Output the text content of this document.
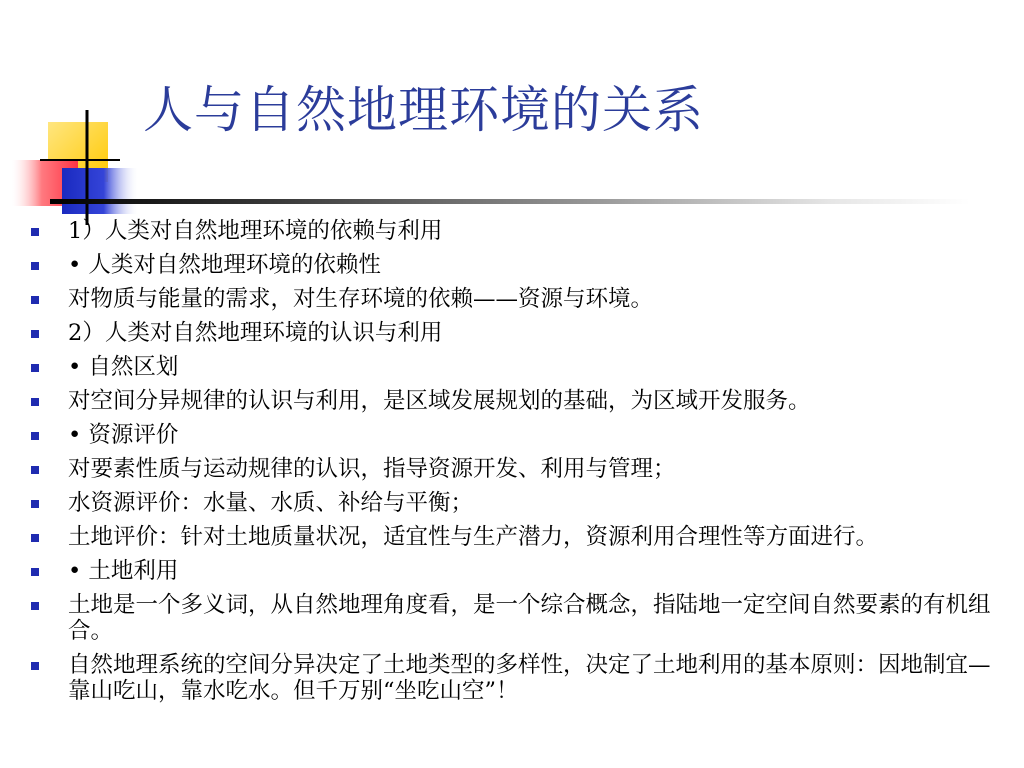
人与自然地理环境的关系
1）人类对自然地理环境的依赖与利用
• 人类对自然地理环境的依赖性
对物质与能量的需求，对生存环境的依赖——资源与环境。
2）人类对自然地理环境的认识与利用
• 自然区划
对空间分异规律的认识与利用，是区域发展规划的基础，为区域开发服务。
• 资源评价
对要素性质与运动规律的认识，指导资源开发、利用与管理；
水资源评价：水量、水质、补给与平衡；
土地评价：针对土地质量状况，适宜性与生产潜力，资源利用合理性等方面进行。
• 土地利用
土地是一个多义词，从自然地理角度看，是一个综合概念，指陆地一定空间自然要素的有机组合。
自然地理系统的空间分异决定了土地类型的多样性，决定了土地利用的基本原则：因地制宜—靠山吃山，靠水吃水。但千万别“坐吃山空”！
